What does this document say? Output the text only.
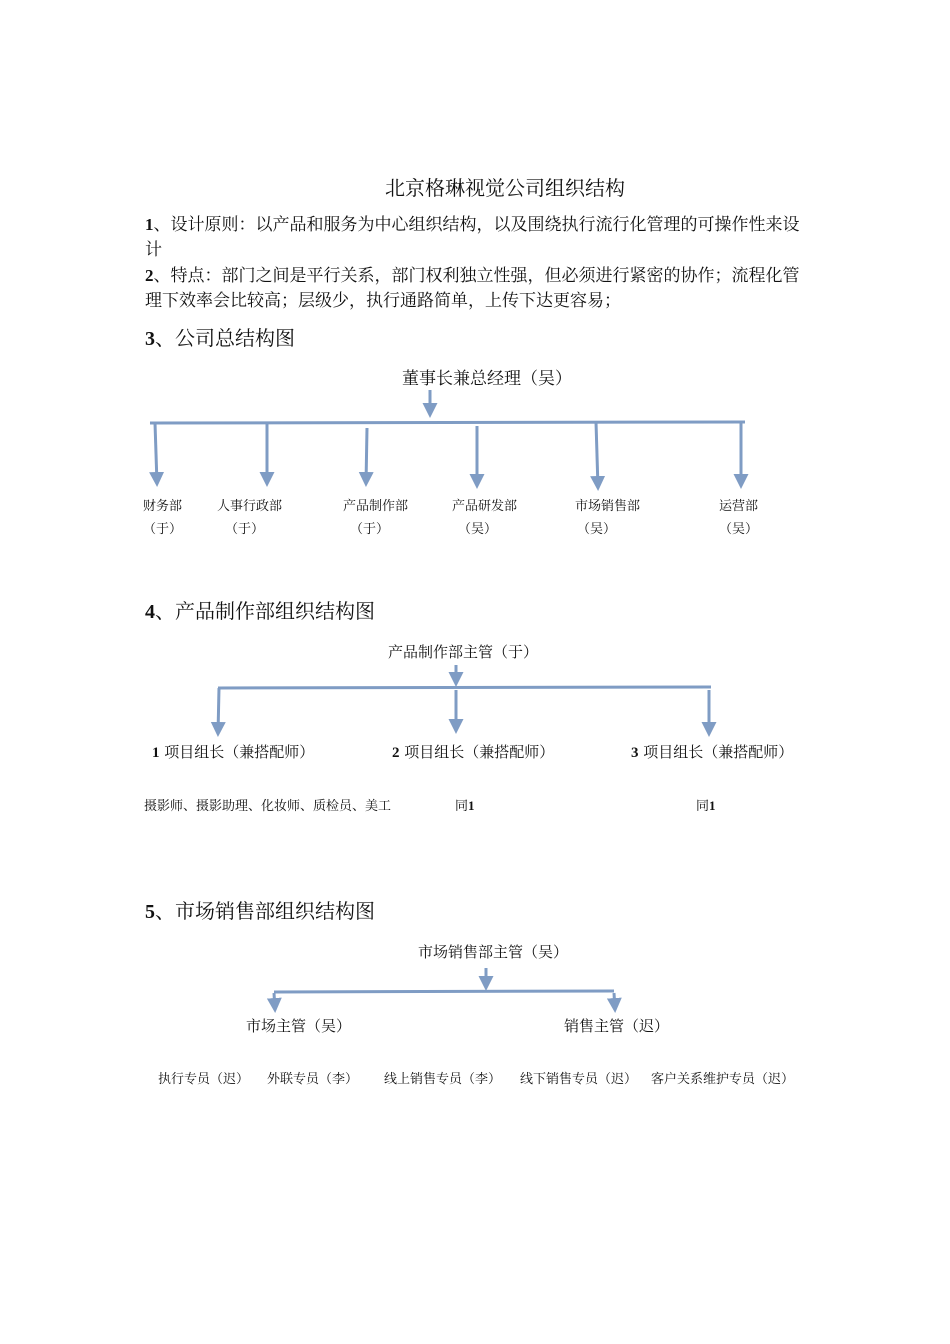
北京格琳视觉公司组织结构
1、设计原则：以产品和服务为中心组织结构，以及围绕执行流行化管理的可操作性来设计
2、特点：部门之间是平行关系，部门权利独立性强，但必须进行紧密的协作；流程化管理下效率会比较高；层级少，执行通路简单，上传下达更容易；
3、公司总结构图
董事长兼总经理（吴）
财务部
（于）
人事行政部
（于）
产品制作部
（于）
产品研发部
（吴）
市场销售部
（吴）
运营部
（吴）
4、产品制作部组织结构图
产品制作部主管（于）
1 项目组长（兼搭配师）	2 项目组长（兼搭配师）	3 项目组长（兼搭配师）
摄影师、摄影助理、化妆师、质检员、美工	同1	同1
5、市场销售部组织结构图
市场销售部主管（吴）
市场主管（吴）	销售主管（迟）
执行专员（迟） 外联专员（李） 线上销售专员（李） 线下销售专员（迟） 客户关系维护专员（迟）
